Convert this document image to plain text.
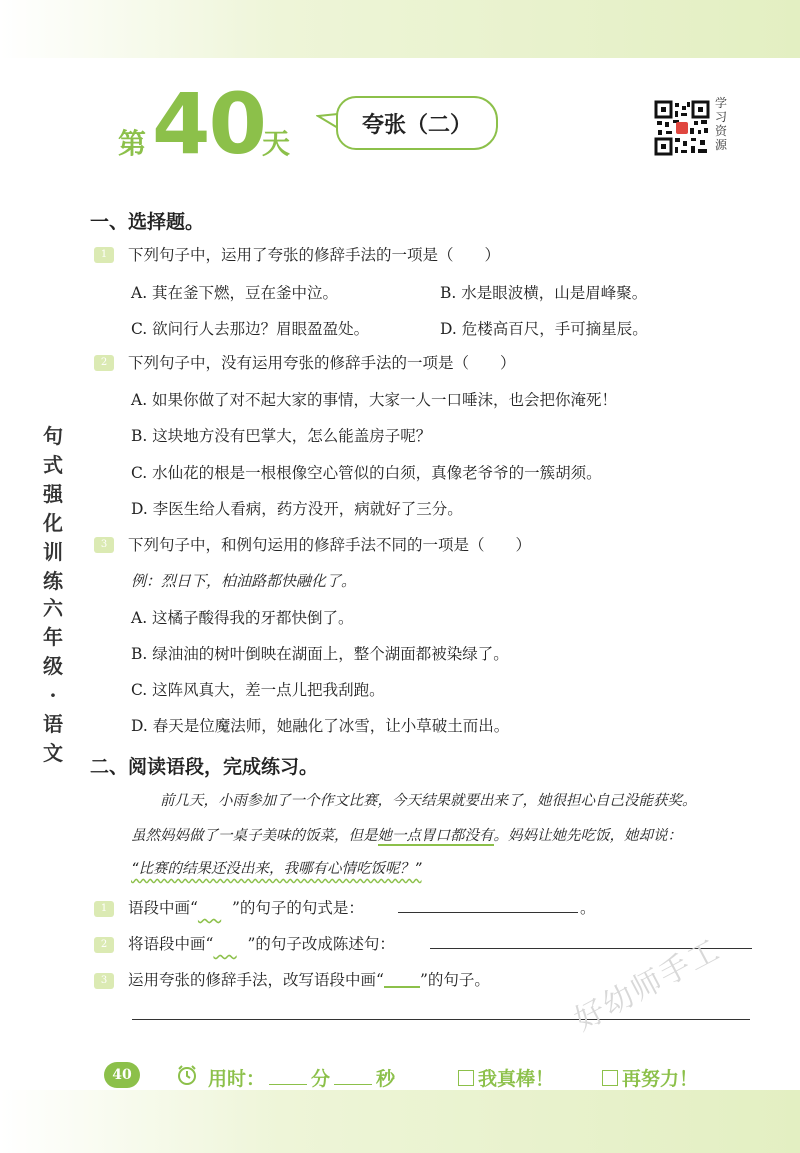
第 40
天
夸张（二）
学习资源
句式强化训练
六年级·语文
一、选择题。
1	下列句子中，运用了夸张的修辞手法的一项是（　　）
A. 萁在釜下燃，豆在釜中泣。	B. 水是眼波横，山是眉峰聚。
C. 欲问行人去那边？眉眼盈盈处。	D. 危楼高百尺，手可摘星辰。
2	下列句子中，没有运用夸张的修辞手法的一项是（　　）
A. 如果你做了对不起大家的事情，大家一人一口唾沫，也会把你淹死！
B. 这块地方没有巴掌大，怎么能盖房子呢？
C. 水仙花的根是一根根像空心管似的白须，真像老爷爷的一簇胡须。
D. 李医生给人看病，药方没开，病就好了三分。
3	下列句子中，和例句运用的修辞手法不同的一项是（　　）
例：烈日下，柏油路都快融化了。
A. 这橘子酸得我的牙都快倒了。
B. 绿油油的树叶倒映在湖面上，整个湖面都被染绿了。
C. 这阵风真大，差一点儿把我刮跑。
D. 春天是位魔法师，她融化了冰雪，让小草破土而出。
二、阅读语段，完成练习。
前几天，小雨参加了一个作文比赛，今天结果就要出来了，她很担心自己没能获奖。
虽然妈妈做了一桌子美味的饭菜，但是她一点胃口都没有。妈妈让她先吃饭，她却说：
“比赛的结果还没出来，我哪有心情吃饭呢？”
1	语段中画“    ”的句子的句式是：	。
2	将语段中画“    ”的句子改成陈述句：
3	运用夸张的修辞手法，改写语段中画“ ”的句子。	好幼师手工
40	用时： 分 秒	我真棒！	再努力！
